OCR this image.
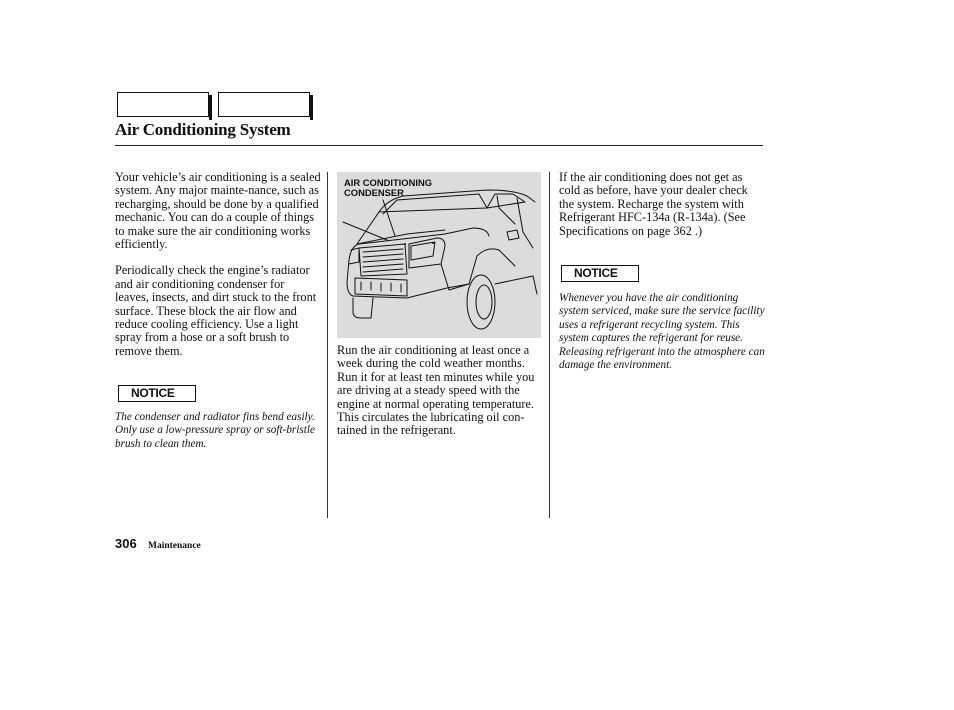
Air Conditioning System

Your vehicle’s air conditioning is a sealed system. Any major mainte-nance, such as recharging, should be done by a qualified mechanic. You can do a couple of things to make sure the air conditioning works efficiently.

Periodically check the engine’s radiator and air conditioning condenser for leaves, insects, and dirt stuck to the front surface. These block the air flow and reduce cooling efficiency. Use a light spray from a hose or a soft brush to remove them.

NOTICE
The condenser and radiator fins bend easily. Only use a low-pressure spray or soft-bristle brush to clean them.
AIR CONDITIONING
CONDENSER

Run the air conditioning at least once a week during the cold weather months. Run it for at least ten minutes while you are driving at a steady speed with the engine at normal operating temperature. This circulates the lubricating oil con-tained in the refrigerant.

If the air conditioning does not get as cold as before, have your dealer check the system. Recharge the system with Refrigerant HFC-134a (R-134a). (See Specifications on page 362 .)

NOTICE
Whenever you have the air conditioning system serviced, make sure the service facility uses a refrigerant recycling system. This system captures the refrigerant for reuse. Releasing refrigerant into the atmosphere can damage the environment.
306 Maintenance
